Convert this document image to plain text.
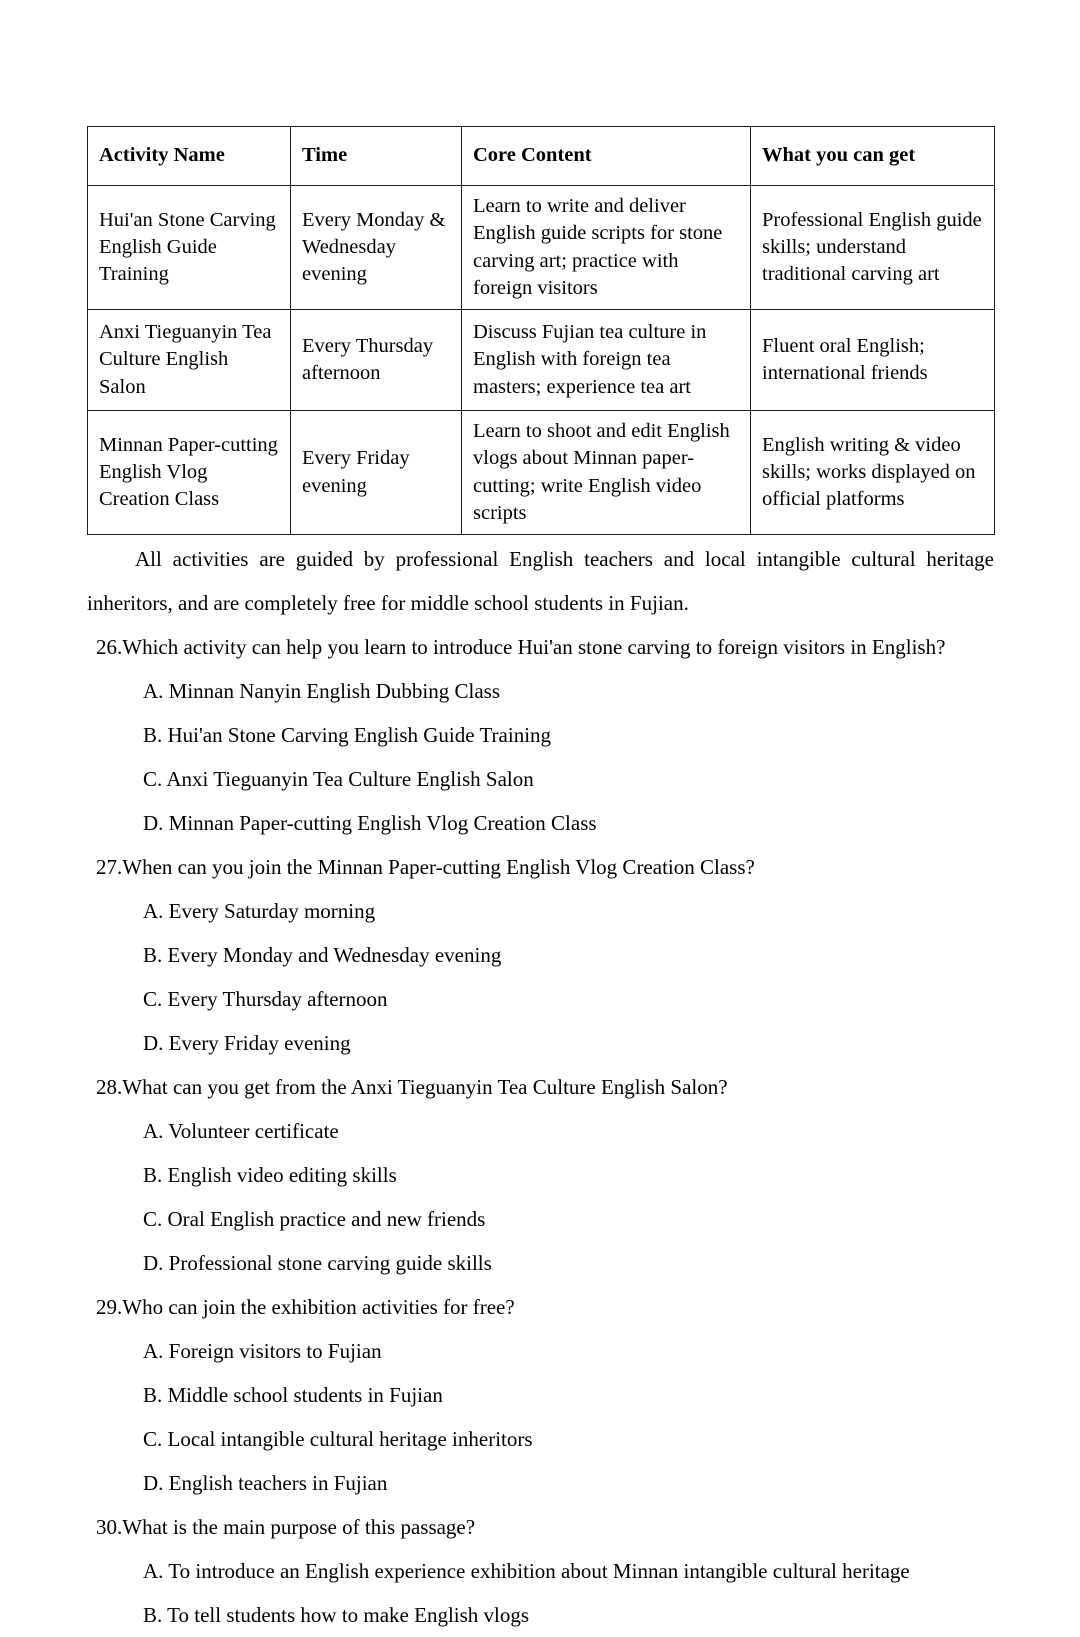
Activity Name	Time	Core Content	What you can get
Hui'an Stone Carving English Guide Training	Every Monday & Wednesday evening	Learn to write and deliver English guide scripts for stone carving art; practice with foreign visitors	Professional English guide skills; understand traditional carving art
Anxi Tieguanyin Tea Culture English Salon	Every Thursday afternoon	Discuss Fujian tea culture in English with foreign tea masters; experience tea art	Fluent oral English; international friends
Minnan Paper-cutting English Vlog Creation Class	Every Friday evening	Learn to shoot and edit English vlogs about Minnan paper-cutting; write English video scripts	English writing & video skills; works displayed on official platforms

All activities are guided by professional English teachers and local intangible cultural heritage inheritors, and are completely free for middle school students in Fujian.

26.Which activity can help you learn to introduce Hui'an stone carving to foreign visitors in English?

A. Minnan Nanyin English Dubbing Class

B. Hui'an Stone Carving English Guide Training

C. Anxi Tieguanyin Tea Culture English Salon

D. Minnan Paper-cutting English Vlog Creation Class

27.When can you join the Minnan Paper-cutting English Vlog Creation Class?

A. Every Saturday morning

B. Every Monday and Wednesday evening

C. Every Thursday afternoon

D. Every Friday evening

28.What can you get from the Anxi Tieguanyin Tea Culture English Salon?

A. Volunteer certificate

B. English video editing skills

C. Oral English practice and new friends

D. Professional stone carving guide skills

29.Who can join the exhibition activities for free?

A. Foreign visitors to Fujian

B. Middle school students in Fujian

C. Local intangible cultural heritage inheritors

D. English teachers in Fujian

30.What is the main purpose of this passage?

A. To introduce an English experience exhibition about Minnan intangible cultural heritage

B. To tell students how to make English vlogs
